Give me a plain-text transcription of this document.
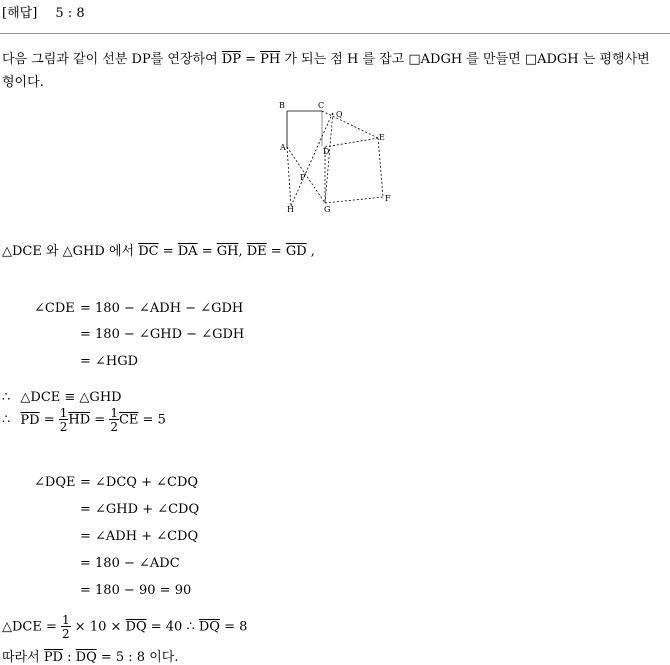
[해답] 5 : 8
다음 그림과 같이 선분 DP를 연장하여 $\overline{DP} = \overline{PH}$ 가 되는 점 H 를 잡고 □ADGH 를 만들면 □ADGH 는 평행사변
형이다.
B	C
Q
E
A	D
P
H	G
F
△DCE 와 △GHD 에서 $\overline{DC} = \overline{DA} = \overline{GH}$, $\overline{DE} = \overline{GD}$ ,
∠CDE = 180 − ∠ADH − ∠GDH
= 180 − ∠GHD − ∠GDH
= ∠HGD
∴ △DCE ≡ △GHD
∴ $\overline{PD} = \frac{1}{2} \overline{HD} = \frac{1}{2} \overline{CE} = 5$
∠DQE = ∠DCQ + ∠CDQ
= ∠GHD + ∠CDQ
= ∠ADH + ∠CDQ
= 180 − ∠ADC
= 180 − 90 = 90
△DCE = $\frac{1}{2} \times 10 \times \overline{DQ} = 40$ ∴ $\overline{DQ} = 8$
따라서 $\overline{PD}$ : $\overline{DQ} = 5$ : 8 이다.
